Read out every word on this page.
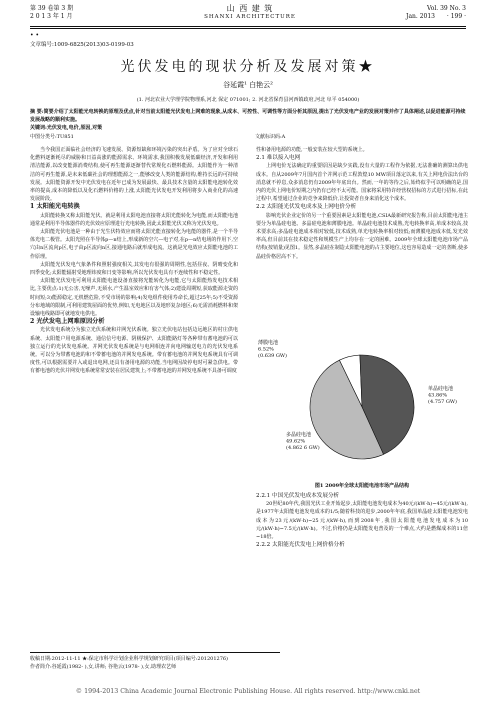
第 39 卷第 3 期
2 0 1 3 年 1 月
山 西 建 筑
SHANXI ARCHITECTURE
Vol. 39 No. 3
Jan. 2013 · 199 ·
• •
文章编号:1009-6825(2013)03-0199-03
光伏发电的现状分析及发展对策★
谷延霞¹ 白艳云²
(1. 河北农业大学理学院物理系,河北 保定 071001; 2. 河北省保育县河西镇政府,河北 阜平 054000)
摘 要:简要介绍了太阳能光电转换的原理及优点,针对当前太阳能光伏发电上网难的现象,从成本、可控性、可调性等方面分析其原因,提出了光伏发电产业的发展对策并作了具体阐述,以促进能源可持续发展战略的顺利实施。
关键词:光伏发电,电价,原因,对策
中图分类号:TU851	文献标识码:A

当今我国正面临社会经济的飞速发展、资源短缺和环境污染的突出矛盾。为了应对全球石化燃料逐渐耗尽的威胁和日益高涨的能源需求、环境需求,我国积极发展低碳经济,开发和利用清洁能源,以改变能源消费结构,使可再生能源逐渐替代常规化石燃料能源。太阳能作为一种清洁的可再生能源,是未来低碳社会的理想能源之一,能够改变人类的能源结构,维持长远的可持续发展。太阳能资源开发中光伏发电在近年已成为发展最快、最具技术含量的太阳能电池转化效率的提高,成本的降低以及化石燃料价格的上涨,太阳能光伏发电开发利用将步入商业化的高速发展阶段。

1 太阳能光电转换

太阳能转换又称太阳能光伏。就是利用太阳电池直接将太阳光能转化为电能,而太阳能电池通常是利用半导体器件的光伏效应原理进行光电转换,因此太阳能光伏又称为光伏发电。

太阳能光伏电池是一种由于光生伏特效应而将太阳光能直接转化为电能的器件,是一个半导体光电二极管。太阳光照在半导体p—n结上,形成新的空穴—电子对,在p—n结电场的作用下,空穴由n区流向p区,电子由p区流向n区,接通电路后就形成电流。这就是光电效应太阳能电池的工作原理。

太阳能光伏发电气象条件和照射强度相关,其发电有很强的周期性,包括昼夜、阴晴变化和四季变化;太阳能辐射受地理纬度和日变等影响,所以光伏发电具有不连续性和不稳定性。

太阳能光伏发电可利用太阳能电池设备直接将光能转化为电能,它与太阳能热发电技术相比,主要优点:1)无公害,无噪声,无须水,产生温室效应和有害气体;2)建设周期短,获取能源走资的时间短;3)能源稳定,无机燃危险,不受市场的影响;4)发电组件使用寿命长,超过25年;5)不受资源分布地域的限制,可利用建筑屋面的优势,例如,无电地区以及地形复杂地区;6)无需消耗燃料和架设输电线路即可就地发电供电。

2 光伏发电上网难原因分析

光伏发电系统分为独立光伏系统和并网光伏系统。独立光伏电站包括边远地区的村庄供电系统、太阳能户用电源系统、通信信号电源、阴极保护、太阳能路灯等各种带有蓄电池的可以独立运行的光伏发电系统。并网光伏发电系统是与电网相连并向电网输送电力的光伏发电系统。可以分为带蓄电池的和不带蓄电池的并网发电系统。带有蓄电池的并网发电系统具有可调度性,可以根据需要并入或退出电网,还具有备用电源的功能,当电网因故停电时可紧急供电。带有蓄电池的光伏并网发电系统常常安装在居民建筑上;不带蓄电池的并网发电系统不具备可调度

性和备用电源的功能,一般安装在较大型的系统上。

2.1 难以接入电网

上网电价无法确定的重要原因是缺少实践,没有大量的工程作为依据,无法准确的测算出供电成本。自从2009年7月国内首个并网示范工程敦煌10 MW项目落定以来,有关上网电价法出台的消息就不停息,众多消息仍有2009年年底出台。然而,一年的等待之后,始终似乎可以明确的是,国内的光伏上网电价短期之内仍有已经不太可能。国家将采用特许经营权招标的方式进行招标,在此过程中,希望通过企业的竞争来降低价,让投资者自身来消化这个成本。

2.2 太阳能光伏发电成本及上网电价分析

影响光伏企业定价的另一个重要因素是太阳能电池,CSIA最新研究报告称,目前太阳能电池主要分为单晶硅电池、多晶硅电池和薄膜电池。单晶硅电池技术成熟,光电转换率高,单成本较高,技术要求高;多晶硅电池成本相对较低,技术成熟,单光电转换率相对较低;而薄膜电池成本低,发光效率高,但目前其在技术稳定性和规模生产上均存在一定的困难。2009年全球太阳能电池市场产品结构(按销量)见图1。显然,多晶硅在制造太阳能电池的占主要地位,这也容易造成一定的垄断,使多晶硅价格居高不下。

薄膜电池
6.52%
(0.639 GW)
单晶硅电池
43.86%
(4.757 GW)
多晶硅电池
49.62%
(4.862 6 GW)
图1 2009年全球太阳能电池市场产品结构

2.2.1 中国光伏发电成本发展分析

20世纪80年代,我国光伏工业开始起步,太阳能电池发电成本为40元/(kW·h)~45元/(kW·h),是1977年太阳能电池发电成本的1/5;随着科技的进步,2000年年底,我国单晶硅太阳能电池发电成本为23元/(kW·h)~25元/(kW·h),而到2008年,我国太阳能电池发电成本为10元/(kW·h)~7.5元/(kW·h)。不过,价格仍是太阳能发电普及的一个难点,大约是燃煤成本的11倍~18倍。

2.2.2 太阳能光伏发电上网价格分析

收稿日期:2012-11-11 ★:保定市科学计划企业科学规划研究项目(项目编号:201201276)
作者简介:谷延霞(1982- ),女,讲师; 谷艳云(1978- ),女,助理农艺师
© 1994-2013 China Academic Journal Electronic Publishing House. All rights reserved. http://www.cnki.net
